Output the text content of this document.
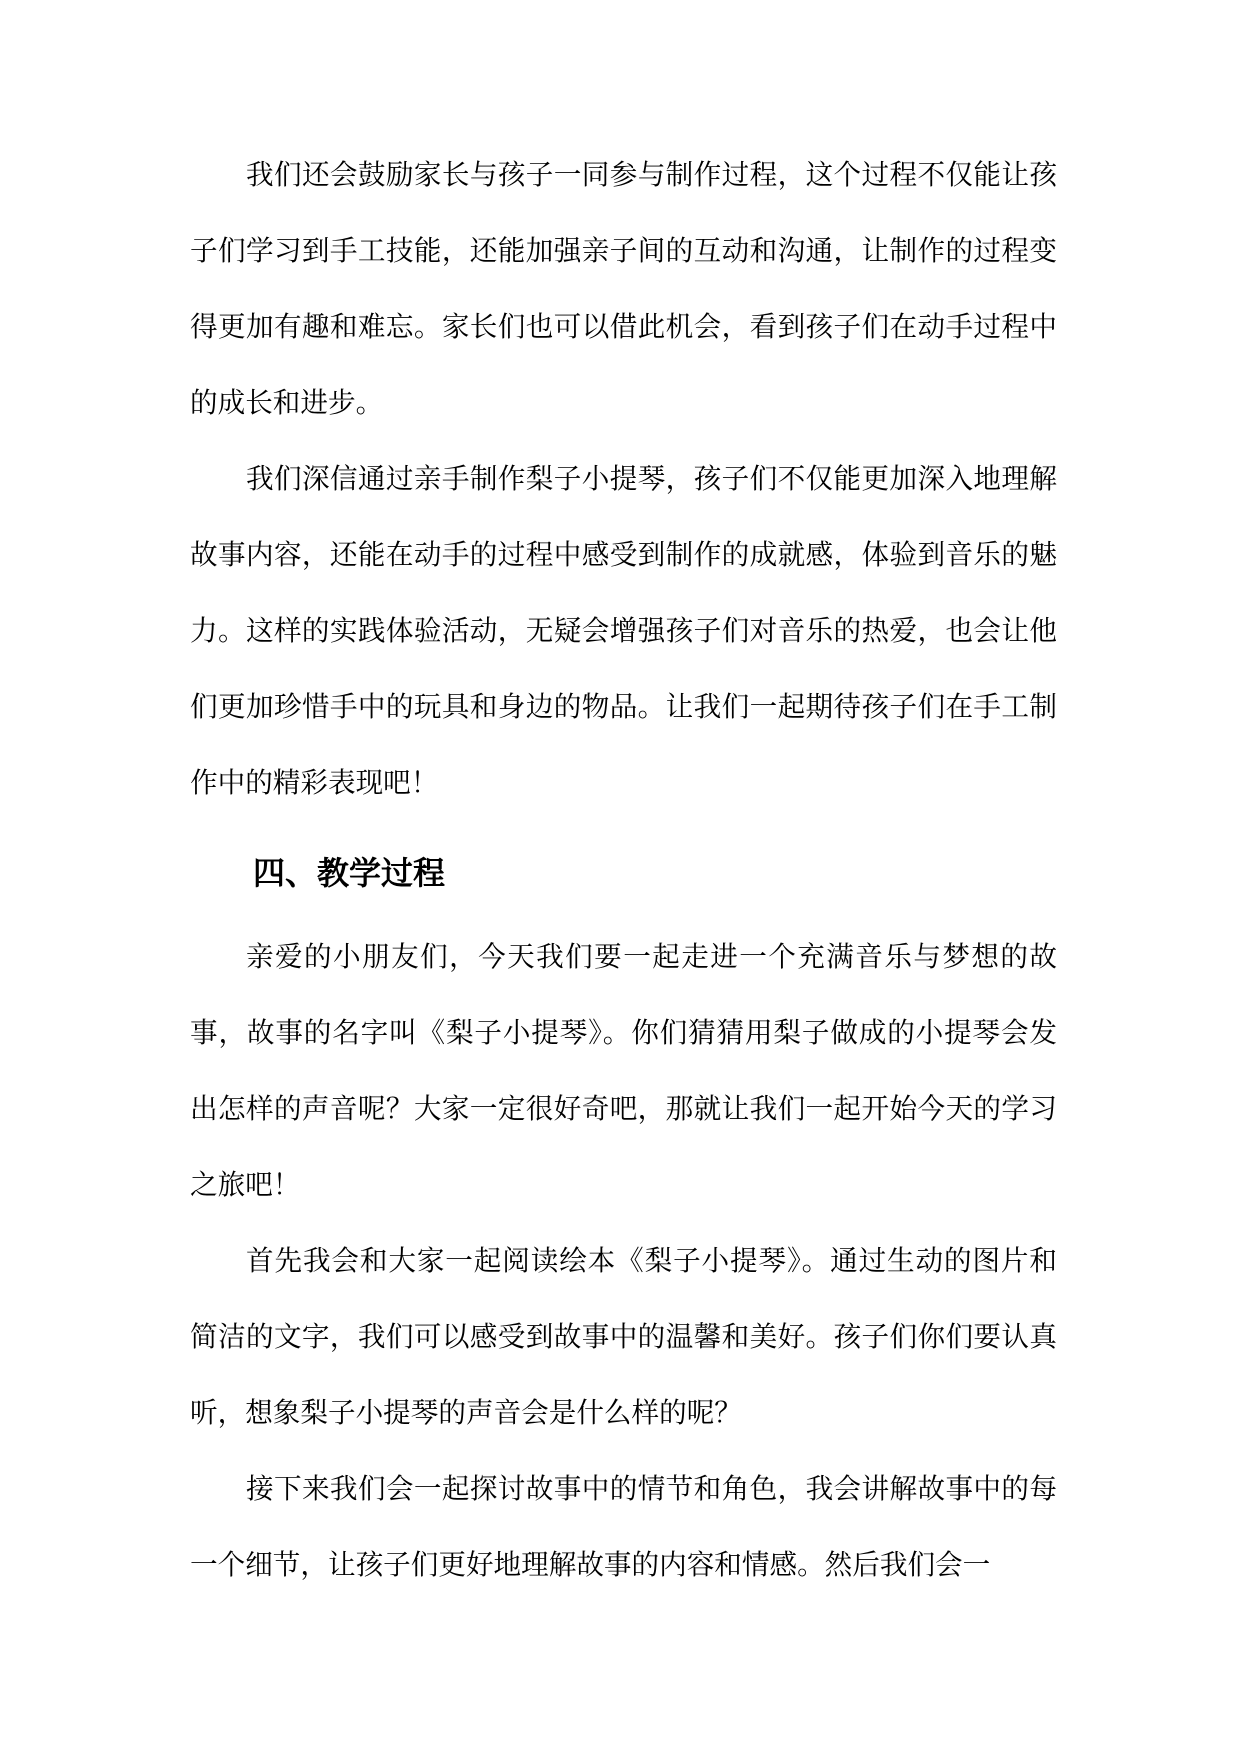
我们还会鼓励家长与孩子一同参与制作过程，这个过程不仅能让孩子们学习到手工技能，还能加强亲子间的互动和沟通，让制作的过程变得更加有趣和难忘。家长们也可以借此机会，看到孩子们在动手过程中的成长和进步。

我们深信通过亲手制作梨子小提琴，孩子们不仅能更加深入地理解故事内容，还能在动手的过程中感受到制作的成就感，体验到音乐的魅力。这样的实践体验活动，无疑会增强孩子们对音乐的热爱，也会让他们更加珍惜手中的玩具和身边的物品。让我们一起期待孩子们在手工制作中的精彩表现吧！

四、教学过程

亲爱的小朋友们，今天我们要一起走进一个充满音乐与梦想的故事，故事的名字叫《梨子小提琴》。你们猜猜用梨子做成的小提琴会发出怎样的声音呢？大家一定很好奇吧，那就让我们一起开始今天的学习之旅吧！

首先我会和大家一起阅读绘本《梨子小提琴》。通过生动的图片和简洁的文字，我们可以感受到故事中的温馨和美好。孩子们你们要认真听，想象梨子小提琴的声音会是什么样的呢？

接下来我们会一起探讨故事中的情节和角色，我会讲解故事中的每一个细节，让孩子们更好地理解故事的内容和情感。然后我们会一
